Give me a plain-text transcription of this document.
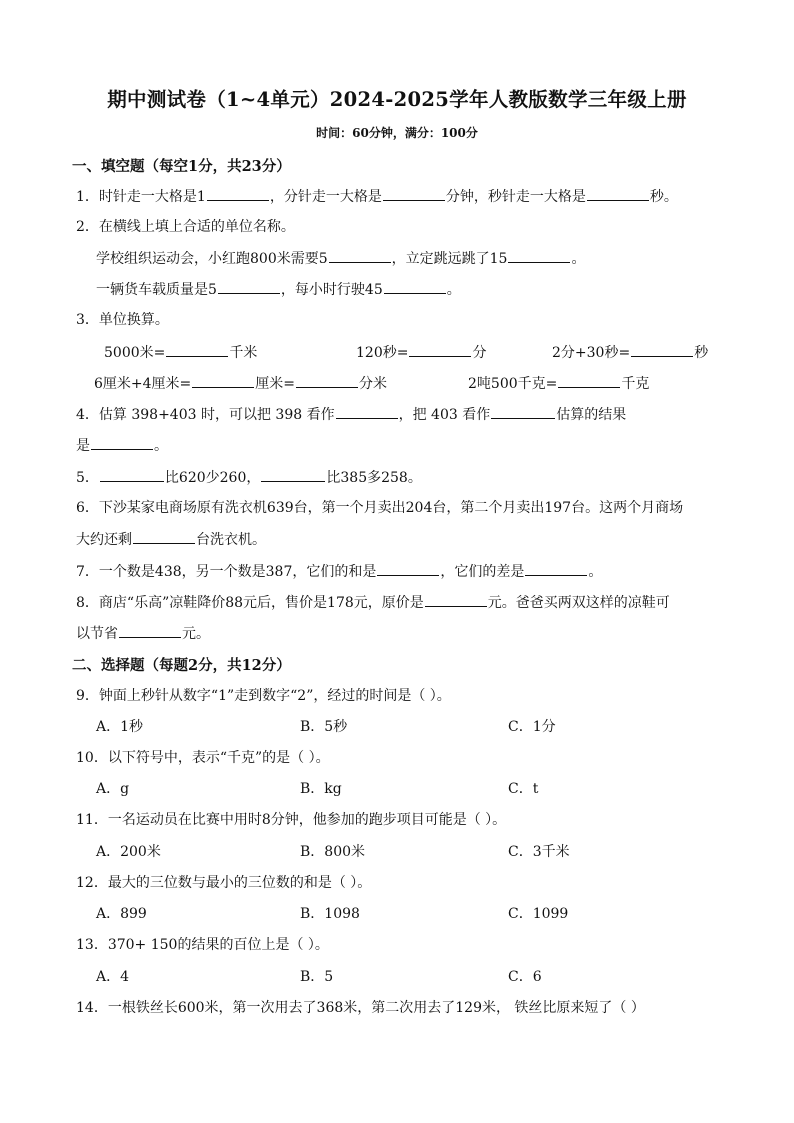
期中测试卷（1~4单元）2024-2025学年人教版数学三年级上册
时间：60分钟，满分：100分
一、填空题（每空1分，共23分）
1．时针走一大格是1	，分针走一大格是	分钟，秒针走一大格是	秒。
2．在横线上填上合适的单位名称。
学校组织运动会，小红跑800米需要5	，立定跳远跳了15	。
一辆货车载质量是5	，每小时行驶45	。
3．单位换算。
5000米=	千米	120秒=	分	2分+30秒=	秒
6厘米+4厘米=	厘米=	分米	2吨500千克=	千克
4．估算 398+403 时，可以把 398 看作	，把 403 看作	估算的结果
是	。
5．	比620少260，	比385多258。
6．下沙某家电商场原有洗衣机639台，第一个月卖出204台，第二个月卖出197台。这两个月商场
大约还剩	台洗衣机。
7．一个数是438，另一个数是387，它们的和是	，它们的差是	。
8．商店“乐高”凉鞋降价88元后，售价是178元，原价是	元。爸爸买两双这样的凉鞋可
以节省	元。
二、选择题（每题2分，共12分）
9．钟面上秒针从数字“1”走到数字“2”，经过的时间是（ ）。
A．1秒	B．5秒	C．1分
10．以下符号中，表示“千克”的是（ ）。
A．g	B．kg	C．t
11．一名运动员在比赛中用时8分钟，他参加的跑步项目可能是（ ）。
A．200米	B．800米	C．3千米
12．最大的三位数与最小的三位数的和是（ ）。
A．899	B．1098	C．1099
13．370+ 150的结果的百位上是（ ）。
A．4	B．5	C．6
14．一根铁丝长600米，第一次用去了368米，第二次用去了129米， 铁丝比原来短了（ ）
